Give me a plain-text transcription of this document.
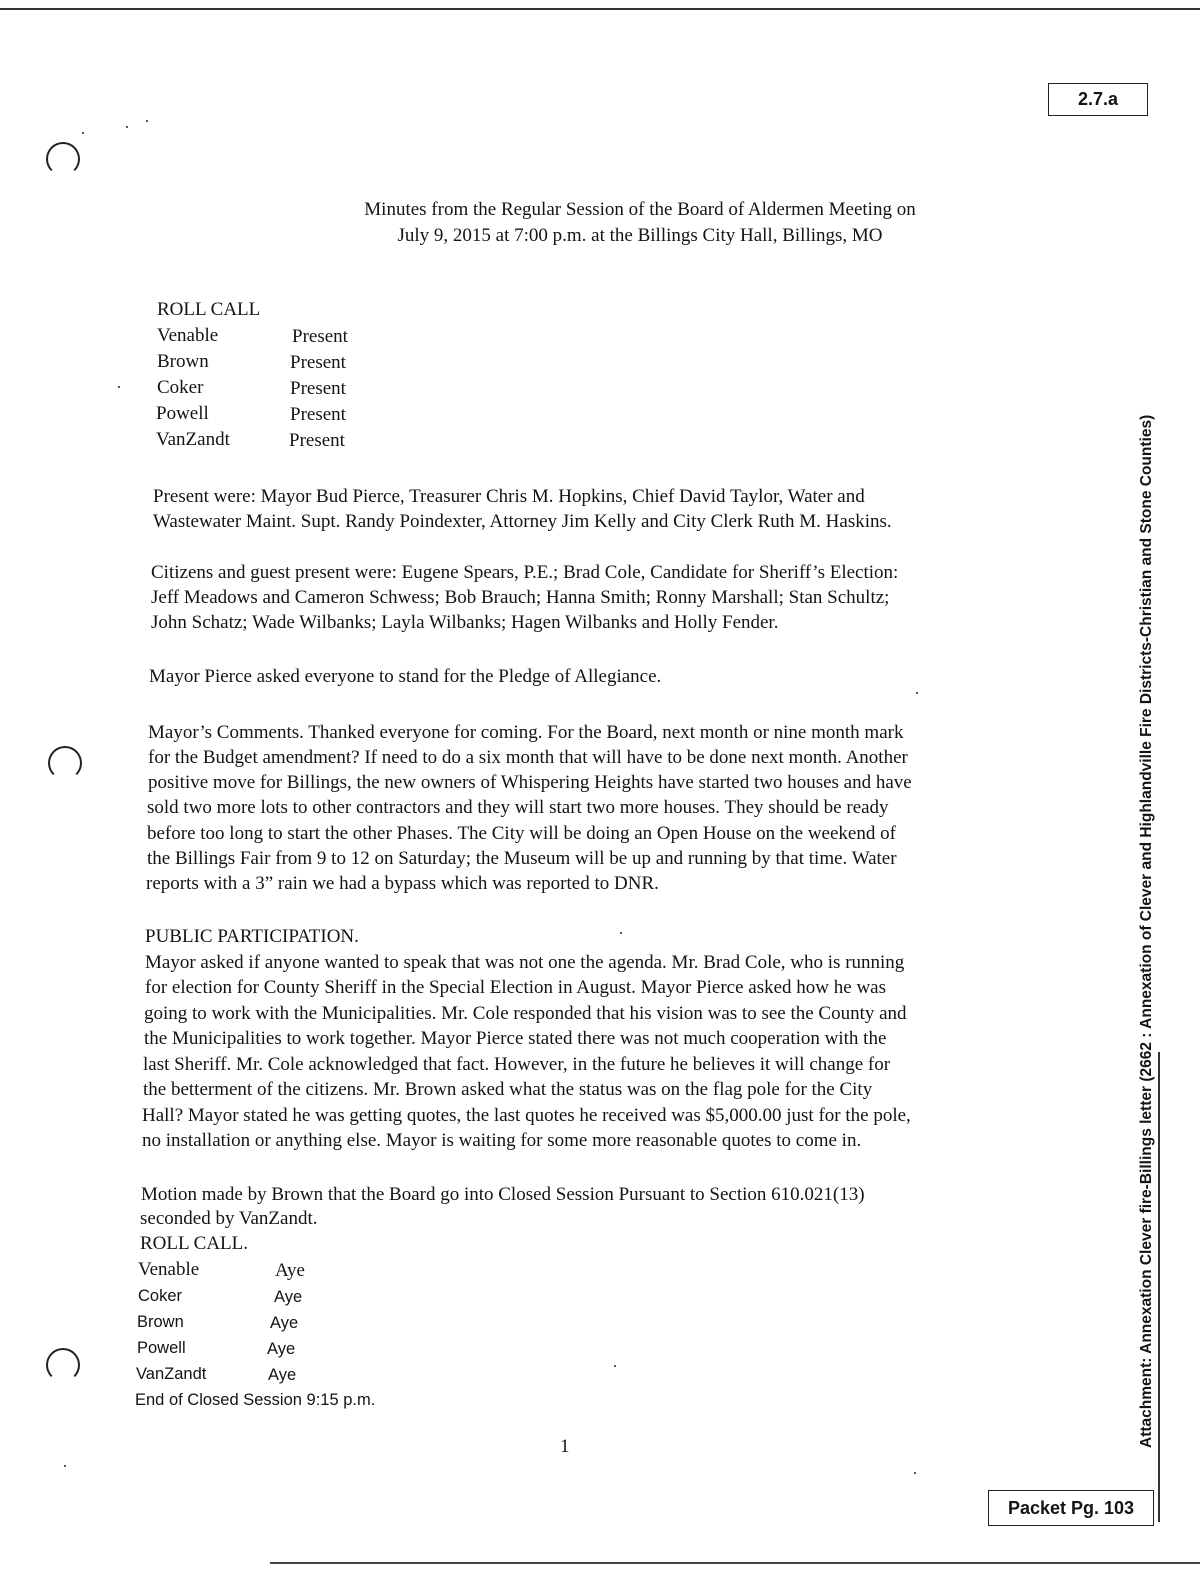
2.7.a
Attachment: Annexation Clever fire-Billings letter (2662 : Annexation of Clever and Highlandville Fire Districts-Christian and Stone Counties)
Minutes from the Regular Session of the Board of Aldermen Meeting on
July 9, 2015 at 7:00 p.m. at the Billings City Hall, Billings, MO
ROLL CALL
Venable	Present
Brown	Present
Coker	Present
Powell	Present
VanZandt	Present
Present were: Mayor Bud Pierce, Treasurer Chris M. Hopkins, Chief David Taylor, Water and
Wastewater Maint. Supt. Randy Poindexter, Attorney Jim Kelly and City Clerk Ruth M. Haskins.
Citizens and guest present were: Eugene Spears, P.E.; Brad Cole, Candidate for Sheriff’s Election:
Jeff Meadows and Cameron Schwess; Bob Brauch; Hanna Smith; Ronny Marshall; Stan Schultz;
John Schatz; Wade Wilbanks; Layla Wilbanks; Hagen Wilbanks and Holly Fender.
Mayor Pierce asked everyone to stand for the Pledge of Allegiance.
Mayor’s Comments. Thanked everyone for coming. For the Board, next month or nine month mark
for the Budget amendment? If need to do a six month that will have to be done next month. Another
positive move for Billings, the new owners of Whispering Heights have started two houses and have
sold two more lots to other contractors and they will start two more houses. They should be ready
before too long to start the other Phases. The City will be doing an Open House on the weekend of
the Billings Fair from 9 to 12 on Saturday; the Museum will be up and running by that time. Water
reports with a 3” rain we had a bypass which was reported to DNR.
PUBLIC PARTICIPATION.
Mayor asked if anyone wanted to speak that was not one the agenda. Mr. Brad Cole, who is running
for election for County Sheriff in the Special Election in August. Mayor Pierce asked how he was
going to work with the Municipalities. Mr. Cole responded that his vision was to see the County and
the Municipalities to work together. Mayor Pierce stated there was not much cooperation with the
last Sheriff. Mr. Cole acknowledged that fact. However, in the future he believes it will change for
the betterment of the citizens. Mr. Brown asked what the status was on the flag pole for the City
Hall? Mayor stated he was getting quotes, the last quotes he received was $5,000.00 just for the pole,
no installation or anything else. Mayor is waiting for some more reasonable quotes to come in.
Motion made by Brown that the Board go into Closed Session Pursuant to Section 610.021(13)
seconded by VanZandt.
ROLL CALL.
Venable	Aye
Coker	Aye
Brown	Aye
Powell	Aye
VanZandt	Aye
End of Closed Session 9:15 p.m.
1
Packet Pg. 103
